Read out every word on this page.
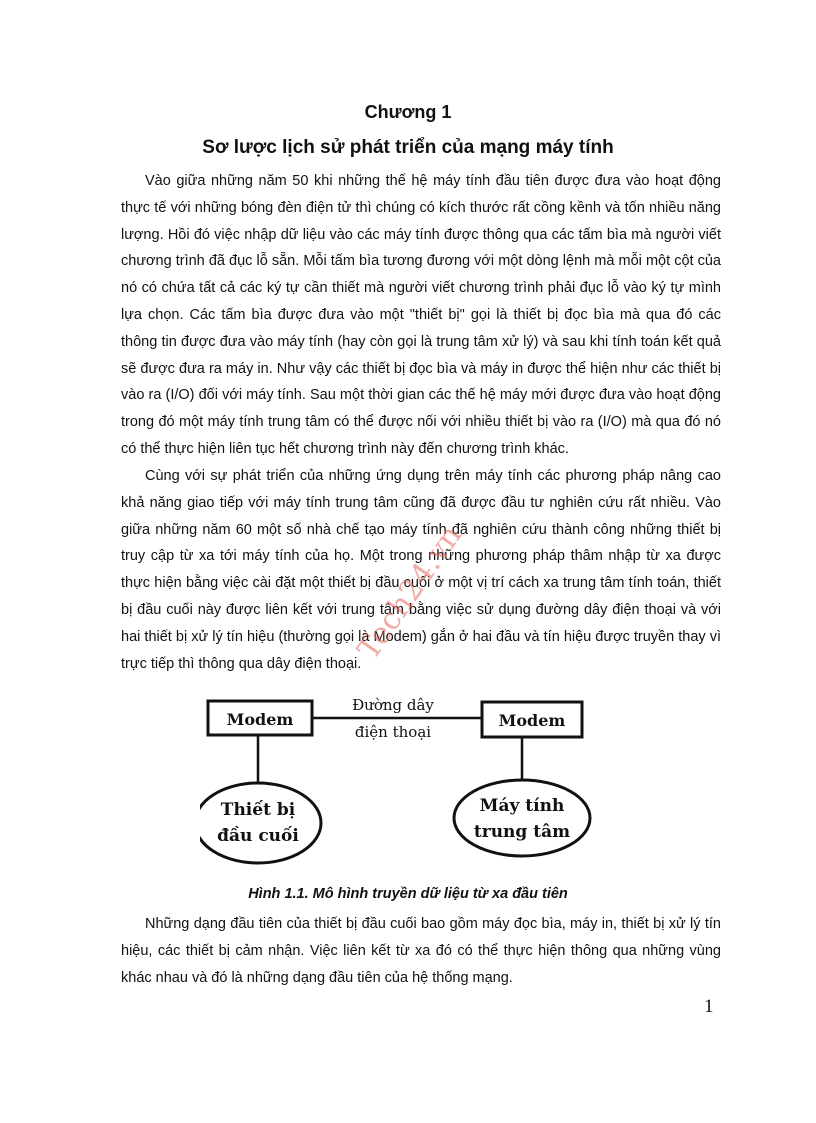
Chương 1
Sơ lược lịch sử phát triển của mạng máy tính

Vào giữa những năm 50 khi những thế hệ máy tính đầu tiên được đưa vào hoạt động thực tế với những bóng đèn điện tử thì chúng có kích thước rất cồng kềnh và tốn nhiều năng lượng. Hồi đó việc nhập dữ liệu vào các máy tính được thông qua các tấm bìa mà người viết chương trình đã đục lỗ sẵn. Mỗi tấm bìa tương đương với một dòng lệnh mà mỗi một cột của nó có chứa tất cả các ký tự cần thiết mà người viết chương trình phải đục lỗ vào ký tự mình lựa chọn. Các tấm bìa được đưa vào một "thiết bị" gọi là thiết bị đọc bìa mà qua đó các thông tin được đưa vào máy tính (hay còn gọi là trung tâm xử lý) và sau khi tính toán kết quả sẽ được đưa ra máy in. Như vậy các thiết bị đọc bìa và máy in được thể hiện như các thiết bị vào ra (I/O) đối với máy tính. Sau một thời gian các thế hệ máy mới được đưa vào hoạt động trong đó một máy tính trung tâm có thể được nối với nhiều thiết bị vào ra (I/O) mà qua đó nó có thể thực hiện liên tục hết chương trình này đến chương trình khác.

Cùng với sự phát triển của những ứng dụng trên máy tính các phương pháp nâng cao khả năng giao tiếp với máy tính trung tâm cũng đã được đầu tư nghiên cứu rất nhiều. Vào giữa những năm 60 một số nhà chế tạo máy tính đã nghiên cứu thành công những thiết bị truy cập từ xa tới máy tính của họ. Một trong những phương pháp thâm nhập từ xa được thực hiện bằng việc cài đặt một thiết bị đầu cuối ở một vị trí cách xa trung tâm tính toán, thiết bị đầu cuối này được liên kết với trung tâm bằng việc sử dụng đường dây điện thoại và với hai thiết bị xử lý tín hiệu (thường gọi là Modem) gắn ở hai đầu và tín hiệu được truyền thay vì trực tiếp thì thông qua dây điện thoại.

Modem	Modem
Đường dây
điện thoại
Thiết bị
đầu cuối
Máy tính
trung tâm
Hình 1.1. Mô hình truyền dữ liệu từ xa đầu tiên

Những dạng đầu tiên của thiết bị đầu cuối bao gồm máy đọc bìa, máy in, thiết bị xử lý tín hiệu, các thiết bị cảm nhận. Việc liên kết từ xa đó có thể thực hiện thông qua những vùng khác nhau và đó là những dạng đầu tiên của hệ thống mạng.

1
Tech24.vn
